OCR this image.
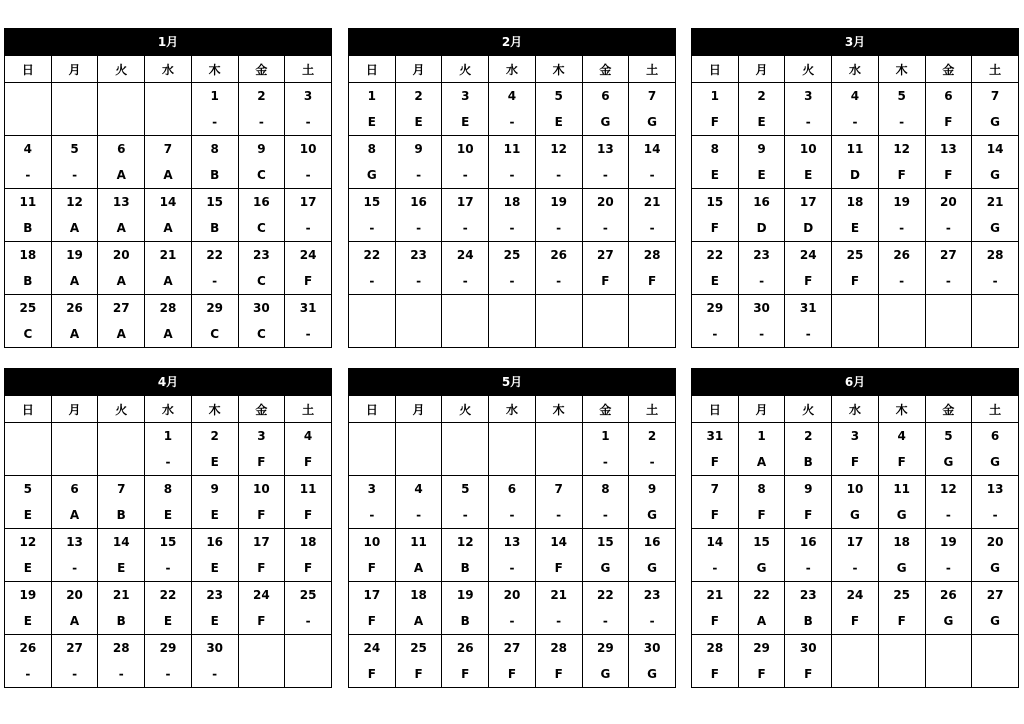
1月
日	月	火	水	木	金	土
				1	2	3
				-	-	-
4	5	6	7	8	9	10
-	-	A	A	B	C	-
11	12	13	14	15	16	17
B	A	A	A	B	C	-
18	19	20	21	22	23	24
B	A	A	A	-	C	F
25	26	27	28	29	30	31
C	A	A	A	C	C	-
2月
日	月	火	水	木	金	土
1	2	3	4	5	6	7
E	E	E	-	E	G	G
8	9	10	11	12	13	14
G	-	-	-	-	-	-
15	16	17	18	19	20	21
-	-	-	-	-	-	-
22	23	24	25	26	27	28
-	-	-	-	-	F	F

3月
日	月	火	水	木	金	土
1	2	3	4	5	6	7
F	E	-	-	-	F	G
8	9	10	11	12	13	14
E	E	E	D	F	F	G
15	16	17	18	19	20	21
F	D	D	E	-	-	G
22	23	24	25	26	27	28
E	-	F	F	-	-	-
29	30	31				
-	-	-				
4月
日	月	火	水	木	金	土
			1	2	3	4
			-	E	F	F
5	6	7	8	9	10	11
E	A	B	E	E	F	F
12	13	14	15	16	17	18
E	-	E	-	E	F	F
19	20	21	22	23	24	25
E	A	B	E	E	F	-
26	27	28	29	30		
-	-	-	-	-		
5月
日	月	火	水	木	金	土
					1	2
					-	-
3	4	5	6	7	8	9
-	-	-	-	-	-	G
10	11	12	13	14	15	16
F	A	B	-	F	G	G
17	18	19	20	21	22	23
F	A	B	-	-	-	-
24	25	26	27	28	29	30
F	F	F	F	F	G	G
6月
日	月	火	水	木	金	土
31	1	2	3	4	5	6
F	A	B	F	F	G	G
7	8	9	10	11	12	13
F	F	F	G	G	-	-
14	15	16	17	18	19	20
-	G	-	-	G	-	G
21	22	23	24	25	26	27
F	A	B	F	F	G	G
28	29	30				
F	F	F				
